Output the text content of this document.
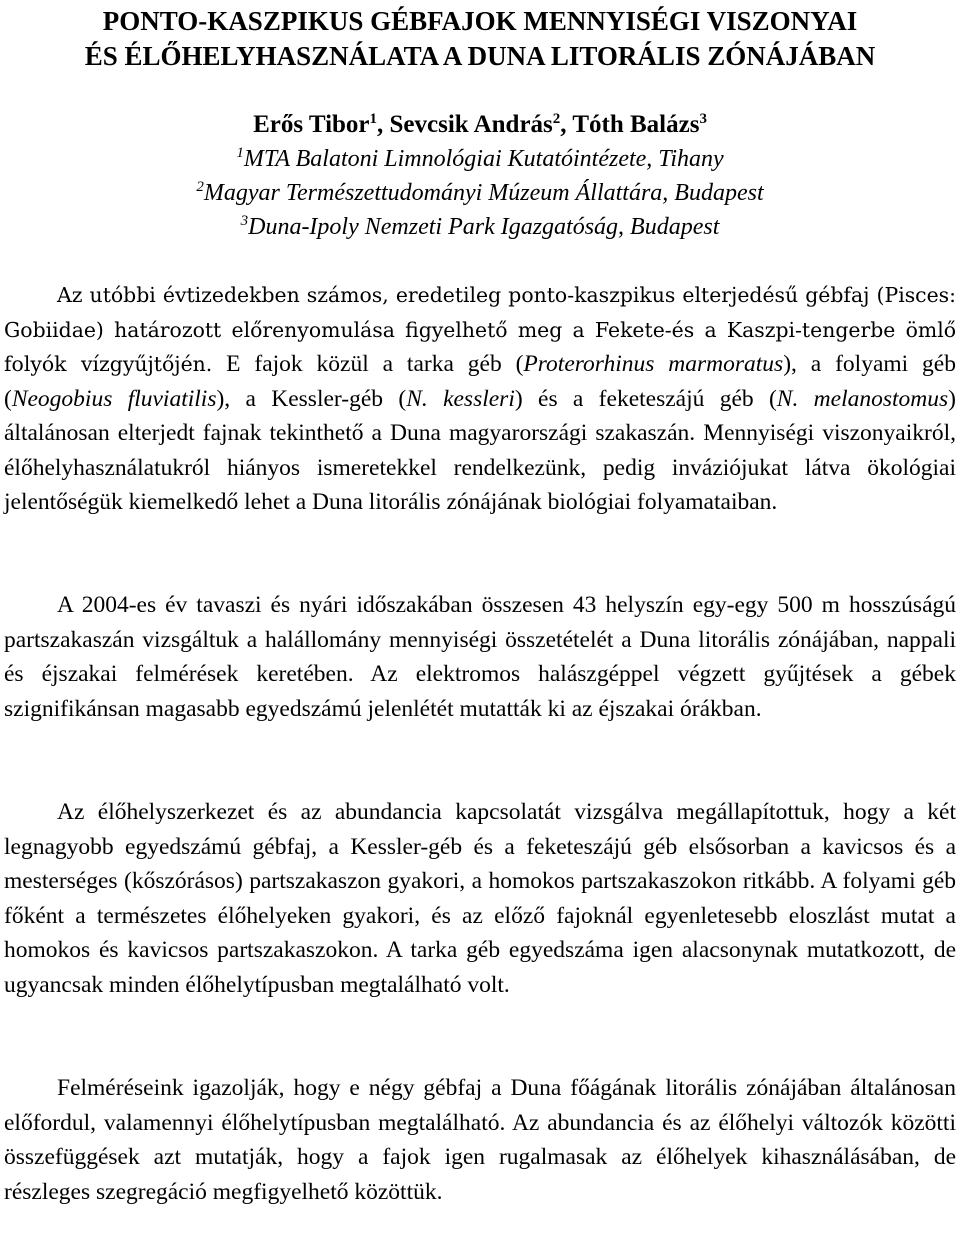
PONTO-KASZPIKUS GÉBFAJOK MENNYISÉGI VISZONYAI
ÉS ÉLŐHELYHASZNÁLATA A DUNA LITORÁLIS ZÓNÁJÁBAN
Erős Tibor$^1$, Sevcsik András$^2$, Tóth Balázs$^3$
$^1$MTA Balatoni Limnológiai Kutatóintézete, Tihany
$^2$Magyar Természettudományi Múzeum Állattára, Budapest
$^3$Duna-Ipoly Nemzeti Park Igazgatóság, Budapest
Az utóbbi évtizedekben számos, eredetileg ponto-kaszpikus elterjedésű gébfaj (Pisces: Gobiidae) határozott előrenyomulása figyelhető meg a Fekete-és a Kaszpi-tengerbe ömlő folyók vízgyűjtőjén. E fajok közül a tarka géb (Proterorhinus marmoratus), a folyami géb (Neogobius fluviatilis), a Kessler-géb (N. kessleri) és a feketeszájú géb (N. melanostomus) általánosan elterjedt fajnak tekinthető a Duna magyarországi szakaszán. Mennyiségi viszonyaikról, élőhelyhasználatukról hiányos ismeretekkel rendelkezünk, pedig inváziójukat látva ökológiai jelentőségük kiemelkedő lehet a Duna litorális zónájának biológiai folyamataiban.
A 2004-es év tavaszi és nyári időszakában összesen 43 helyszín egy-egy 500 m hosszúságú partszakaszán vizsgáltuk a halállomány mennyiségi összetételét a Duna litorális zónájában, nappali és éjszakai felmérések keretében. Az elektromos halászgéppel végzett gyűjtések a gébek szignifikánsan magasabb egyedszámú jelenlétét mutatták ki az éjszakai órákban.
Az élőhelyszerkezet és az abundancia kapcsolatát vizsgálva megállapítottuk, hogy a két legnagyobb egyedszámú gébfaj, a Kessler-géb és a feketeszájú géb elsősorban a kavicsos és a mesterséges (kőszórásos) partszakaszon gyakori, a homokos partszakaszokon ritkább. A folyami géb főként a természetes élőhelyeken gyakori, és az előző fajoknál egyenletesebb eloszlást mutat a homokos és kavicsos partszakaszokon. A tarka géb egyedszáma igen alacsonynak mutatkozott, de ugyancsak minden élőhelytípusban megtalálható volt.
Felméréseink igazolják, hogy e négy gébfaj a Duna főágának litorális zónájában általánosan előfordul, valamennyi élőhelytípusban megtalálható. Az abundancia és az élőhelyi változók közötti összefüggések azt mutatják, hogy a fajok igen rugalmasak az élőhelyek kihasználásában, de részleges szegregáció megfigyelhető közöttük.
